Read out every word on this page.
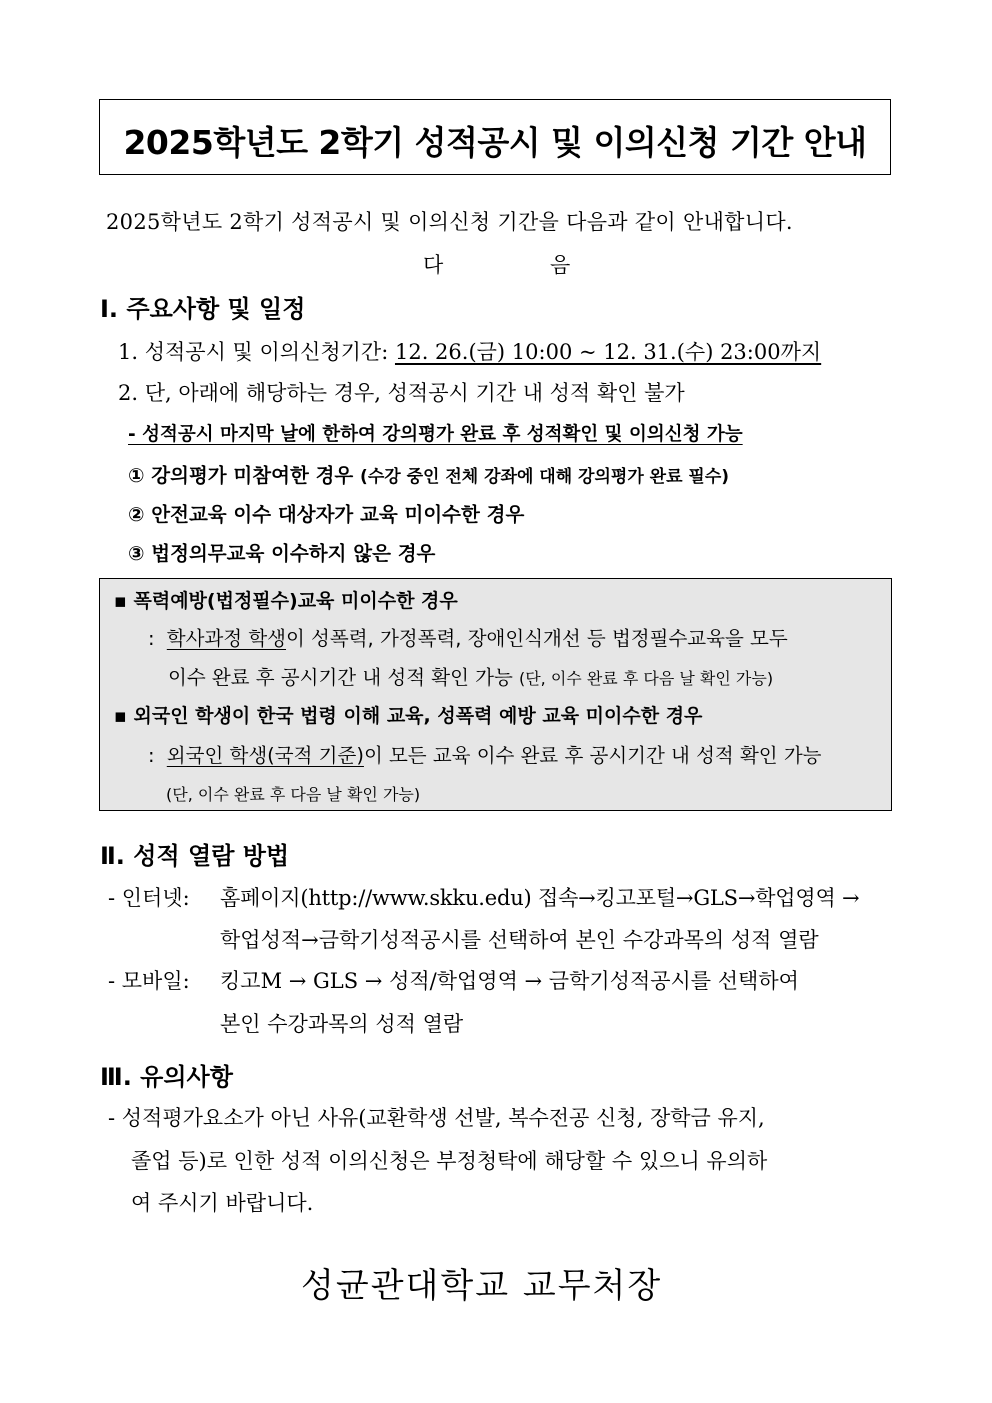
2025학년도 2학기 성적공시 및 이의신청 기간 안내
2025학년도 2학기 성적공시 및 이의신청 기간을 다음과 같이 안내합니다.
다	음
Ⅰ. 주요사항 및 일정
1. 성적공시 및 이의신청기간: 12. 26.(금) 10:00 ~ 12. 31.(수) 23:00까지
2. 단, 아래에 해당하는 경우, 성적공시 기간 내 성적 확인 불가
- 성적공시 마지막 날에 한하여 강의평가 완료 후 성적확인 및 이의신청 가능
① 강의평가 미참여한 경우 (수강 중인 전체 강좌에 대해 강의평가 완료 필수)
② 안전교육 이수 대상자가 교육 미이수한 경우
③ 법정의무교육 이수하지 않은 경우
▪ 폭력예방(법정필수)교육 미이수한 경우
: 학사과정 학생이 성폭력, 가정폭력, 장애인식개선 등 법정필수교육을 모두
이수 완료 후 공시기간 내 성적 확인 가능 (단, 이수 완료 후 다음 날 확인 가능)
▪ 외국인 학생이 한국 법령 이해 교육, 성폭력 예방 교육 미이수한 경우
: 외국인 학생(국적 기준)이 모든 교육 이수 완료 후 공시기간 내 성적 확인 가능
(단, 이수 완료 후 다음 날 확인 가능)
Ⅱ. 성적 열람 방법
- 인터넷: 홈페이지(http://www.skku.edu) 접속→킹고포털→GLS→학업영역 →
학업성적→금학기성적공시를 선택하여 본인 수강과목의 성적 열람
- 모바일: 킹고M → GLS → 성적/학업영역 → 금학기성적공시를 선택하여
본인 수강과목의 성적 열람
Ⅲ. 유의사항
- 성적평가요소가 아닌 사유(교환학생 선발, 복수전공 신청, 장학금 유지,
졸업 등)로 인한 성적 이의신청은 부정청탁에 해당할 수 있으니 유의하
여 주시기 바랍니다.
성균관대학교 교무처장
